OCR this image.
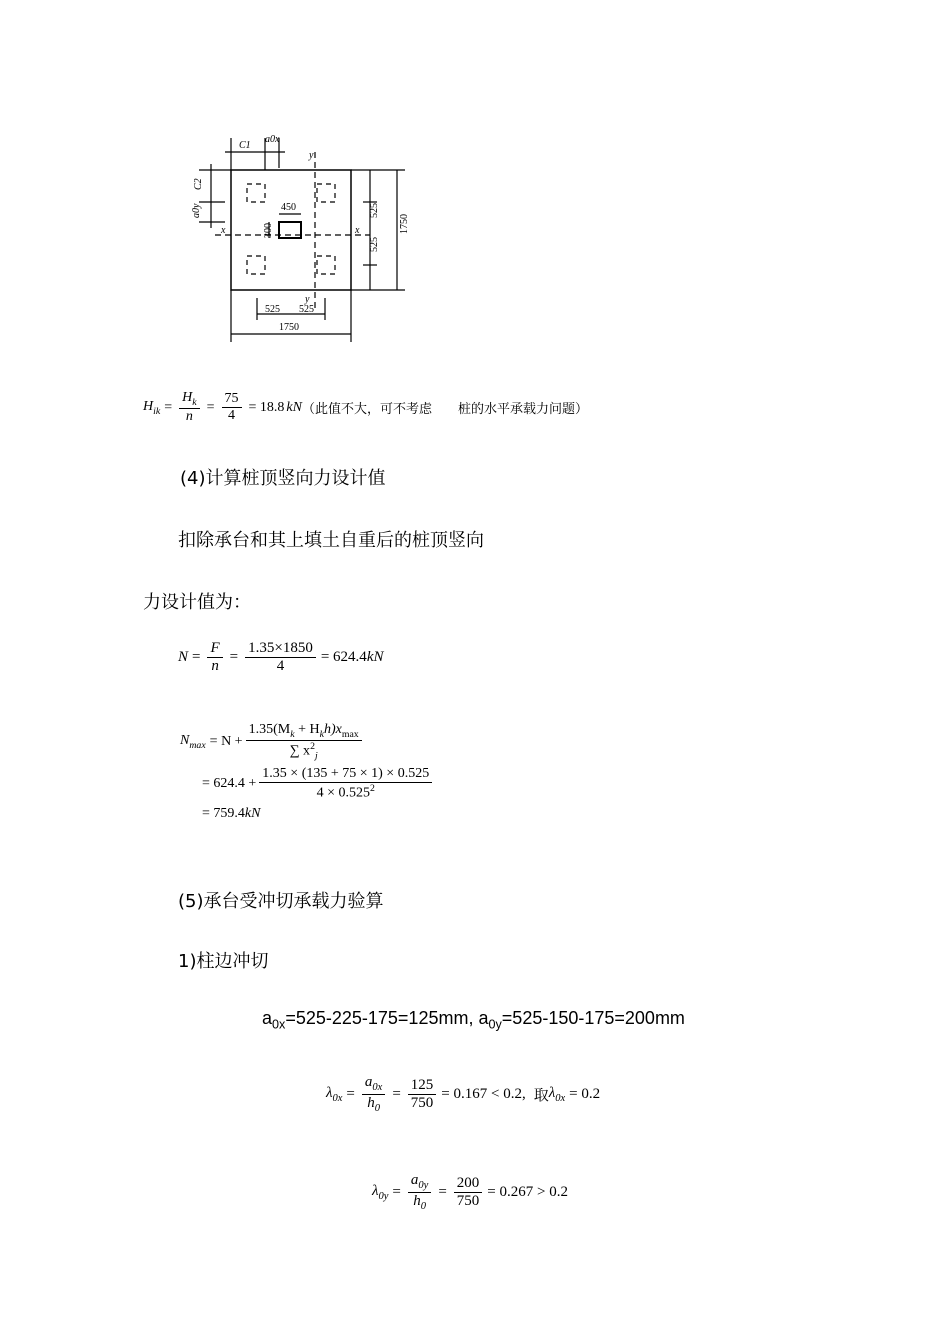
C1
a0x
y
C2
a0y
x	x
450
300
525
525
1750
y
525 525
1750
$H_{ik} = \frac{H_k}{n} = \frac{75}{4} = 18.8$ kN （此值不大，可不考虑　　桩的水平承载力问题）
(4)计算桩顶竖向力设计值
扣除承台和其上填土自重后的桩顶竖向
力设计值为：
$N = \frac{F}{n} = \frac{1.35\times 1850}{4} = 624.4$ kN
$N_{max} = N + \frac{1.35(M_k + H_kh)x_{max}}{\sum x^2_j}$
= $624.4 + \frac{1.35 \times (135 + 75 \times 1) \times 0.525}{4 \times 0.525^2}$
= 759.4 kN
(5)承台受冲切承载力验算
1)柱边冲切
$a_{0x}=525-225-175=125mm$, $a_{0y}=525-150-175=200mm$
$\lambda_{0x} = \frac{a_{0x}}{h_0} = \frac{125}{750} = 0.167 < 0.2$, 取 $\lambda_{0x} = 0.2$
$\lambda_{0y} = \frac{a_{0y}}{h_0} = \frac{200}{750} = 0.267 > 0.2$
